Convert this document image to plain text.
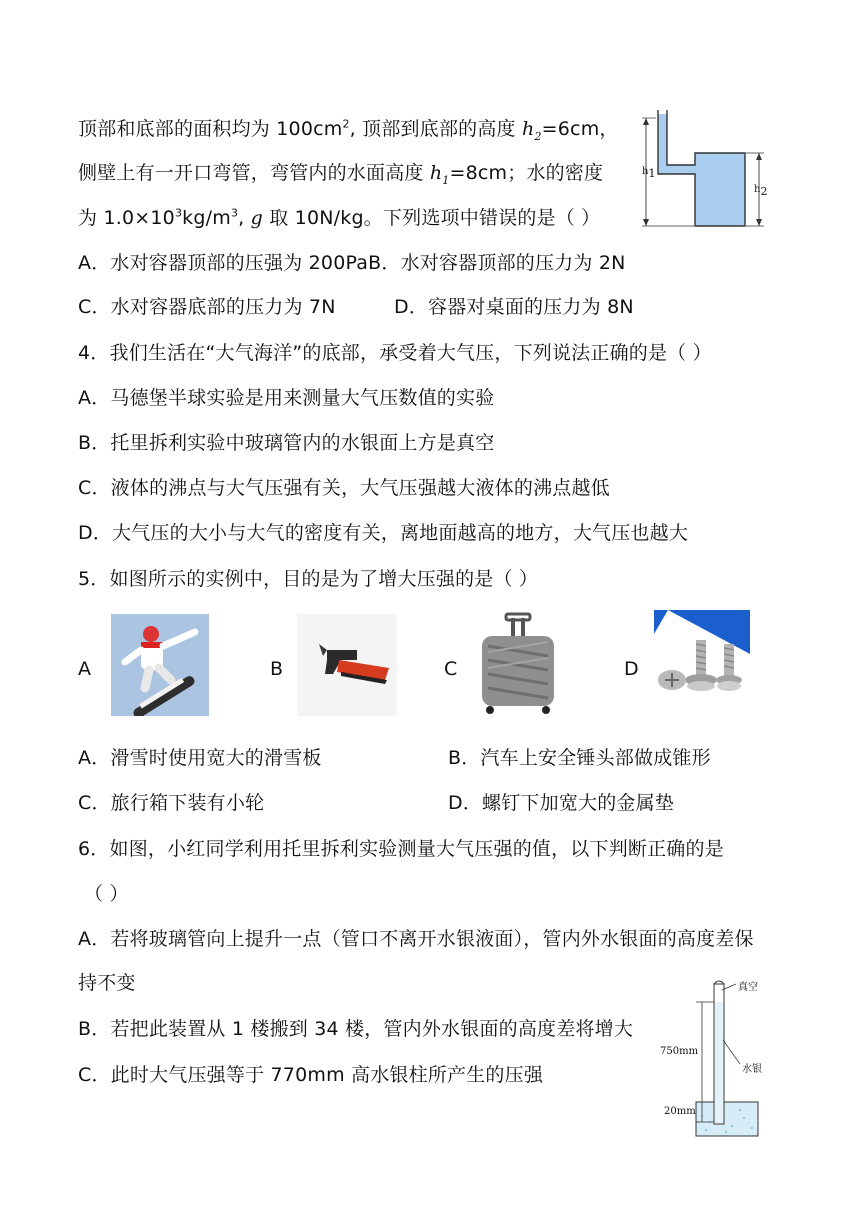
顶部和底部的面积均为 $100cm^2$, 顶部到底部的高度 $h_2=6cm$，
侧壁上有一开口弯管，弯管内的水面高度 $h_1=8cm$；水的密度
为 $1.0\times 10^3kg/m^3$, g 取 10N/kg。下列选项中错误的是（ ）
$h_1$
$h_2$
A．水对容器顶部的压强为 200PaB．水对容器顶部的压力为 2N
C．水对容器底部的压力为 7N	D．容器对桌面的压力为 8N
4．我们生活在“大气海洋”的底部，承受着大气压，下列说法正确的是（ ）
A．马德堡半球实验是用来测量大气压数值的实验
B．托里拆利实验中玻璃管内的水银面上方是真空
C．液体的沸点与大气压强有关，大气压强越大液体的沸点越低
D．大气压的大小与大气的密度有关，离地面越高的地方，大气压也越大
5．如图所示的实例中，目的是为了增大压强的是（ ）
A	B	C	D
A．滑雪时使用宽大的滑雪板	B．汽车上安全锤头部做成锥形
C．旅行箱下装有小轮	D．螺钉下加宽大的金属垫
6．如图，小红同学利用托里拆利实验测量大气压强的值，以下判断正确的是
（ ）
A．若将玻璃管向上提升一点（管口不离开水银液面），管内外水银面的高度差保
持不变
B．若把此装置从 1 楼搬到 34 楼，管内外水银面的高度差将增大
C．此时大气压强等于 770mm 高水银柱所产生的压强
真空
水银
750mm
20mm
